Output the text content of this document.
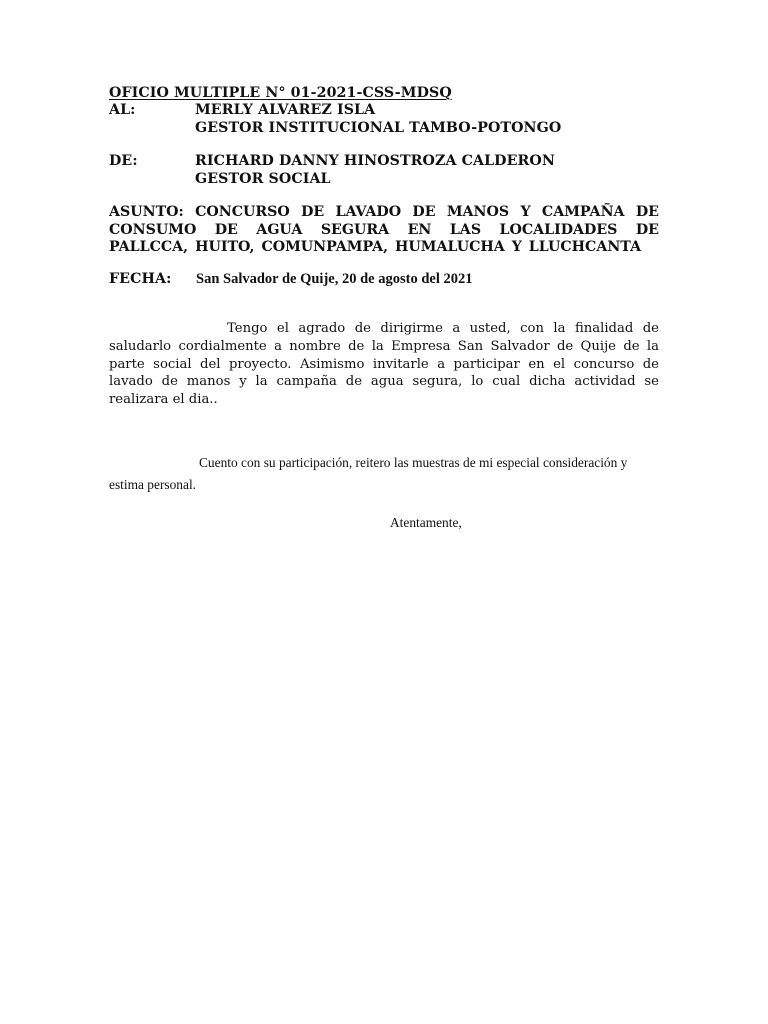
OFICIO MULTIPLE N° 01-2021-CSS-MDSQ
AL:	MERLY ALVAREZ ISLA
GESTOR INSTITUCIONAL TAMBO-POTONGO
DE:	RICHARD DANNY HINOSTROZA CALDERON
GESTOR SOCIAL
ASUNTO: CONCURSO DE LAVADO DE MANOS Y CAMPAÑA DE CONSUMO DE AGUA SEGURA EN LAS LOCALIDADES DE PALLCCA, HUITO, COMUNPAMPA, HUMALUCHA Y LLUCHCANTA
FECHA: San Salvador de Quije, 20 de agosto del 2021
Tengo el agrado de dirigirme a usted, con la finalidad de saludarlo cordialmente a nombre de la Empresa San Salvador de Quije de la parte social del proyecto. Asimismo invitarle a participar en el concurso de lavado de manos y la campaña de agua segura, lo cual dicha actividad se realizara el dia..
Cuento con su participación, reitero las muestras de mi especial consideración y estima personal.
Atentamente,
